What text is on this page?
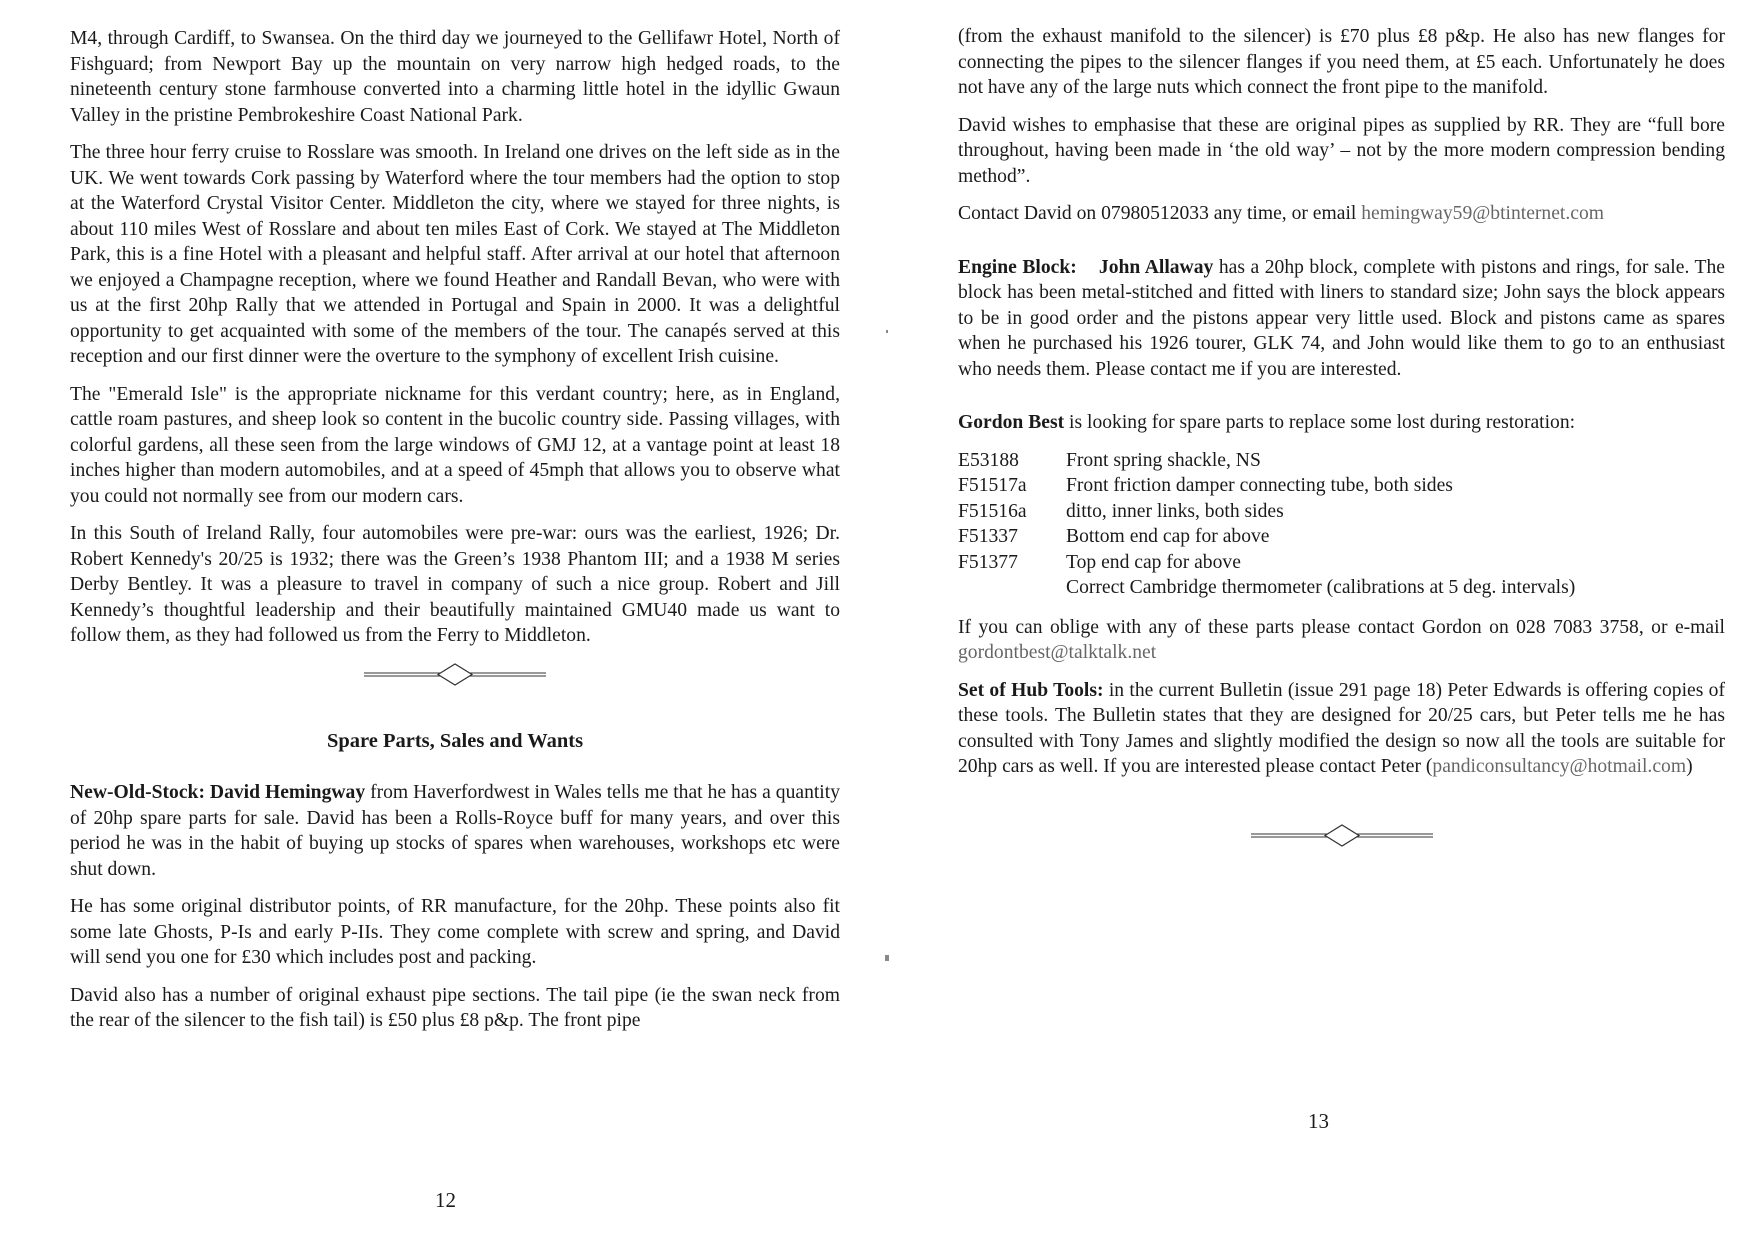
M4, through Cardiff, to Swansea. On the third day we journeyed to the Gellifawr Hotel, North of Fishguard; from Newport Bay up the mountain on very narrow high hedged roads, to the nineteenth century stone farmhouse converted into a charming little hotel in the idyllic Gwaun Valley in the pristine Pembrokeshire Coast National Park.

The three hour ferry cruise to Rosslare was smooth. In Ireland one drives on the left side as in the UK. We went towards Cork passing by Waterford where the tour members had the option to stop at the Waterford Crystal Visitor Center. Middleton the city, where we stayed for three nights, is about 110 miles West of Rosslare and about ten miles East of Cork. We stayed at The Middleton Park, this is a fine Hotel with a pleasant and helpful staff. After arrival at our hotel that afternoon we enjoyed a Champagne reception, where we found Heather and Randall Bevan, who were with us at the first 20hp Rally that we attended in Portugal and Spain in 2000. It was a delightful opportunity to get acquainted with some of the members of the tour. The canapés served at this reception and our first dinner were the overture to the symphony of excellent Irish cuisine.

The "Emerald Isle" is the appropriate nickname for this verdant country; here, as in England, cattle roam pastures, and sheep look so content in the bucolic country side. Passing villages, with colorful gardens, all these seen from the large windows of GMJ 12, at a vantage point at least 18 inches higher than modern automobiles, and at a speed of 45mph that allows you to observe what you could not normally see from our modern cars.

In this South of Ireland Rally, four automobiles were pre-war: ours was the earliest, 1926; Dr. Robert Kennedy's 20/25 is 1932; there was the Green’s 1938 Phantom III; and a 1938 M series Derby Bentley. It was a pleasure to travel in company of such a nice group. Robert and Jill Kennedy’s thoughtful leadership and their beautifully maintained GMU40 made us want to follow them, as they had followed us from the Ferry to Middleton.

Spare Parts, Sales and Wants

New-Old-Stock: David Hemingway from Haverfordwest in Wales tells me that he has a quantity of 20hp spare parts for sale. David has been a Rolls-Royce buff for many years, and over this period he was in the habit of buying up stocks of spares when warehouses, workshops etc were shut down.

He has some original distributor points, of RR manufacture, for the 20hp. These points also fit some late Ghosts, P-Is and early P-IIs. They come complete with screw and spring, and David will send you one for £30 which includes post and packing.

David also has a number of original exhaust pipe sections. The tail pipe (ie the swan neck from the rear of the silencer to the fish tail) is £50 plus £8 p&p. The front pipe

12

(from the exhaust manifold to the silencer) is £70 plus £8 p&p. He also has new flanges for connecting the pipes to the silencer flanges if you need them, at £5 each. Unfortunately he does not have any of the large nuts which connect the front pipe to the manifold.

David wishes to emphasise that these are original pipes as supplied by RR. They are “full bore throughout, having been made in ‘the old way’ – not by the more modern compression bending method”.

Contact David on 07980512033 any time, or email hemingway59@btinternet.com

Engine Block: John Allaway has a 20hp block, complete with pistons and rings, for sale. The block has been metal-stitched and fitted with liners to standard size; John says the block appears to be in good order and the pistons appear very little used. Block and pistons came as spares when he purchased his 1926 tourer, GLK 74, and John would like them to go to an enthusiast who needs them. Please contact me if you are interested.

Gordon Best is looking for spare parts to replace some lost during restoration:

E53188	Front spring shackle, NS
F51517a	Front friction damper connecting tube, both sides
F51516a	ditto, inner links, both sides
F51337	Bottom end cap for above
F51377	Top end cap for above
Correct Cambridge thermometer (calibrations at 5 deg. intervals)

If you can oblige with any of these parts please contact Gordon on 028 7083 3758, or e-mail gordontbest@talktalk.net

Set of Hub Tools: in the current Bulletin (issue 291 page 18) Peter Edwards is offering copies of these tools. The Bulletin states that they are designed for 20/25 cars, but Peter tells me he has consulted with Tony James and slightly modified the design so now all the tools are suitable for 20hp cars as well. If you are interested please contact Peter (pandiconsultancy@hotmail.com)

13
